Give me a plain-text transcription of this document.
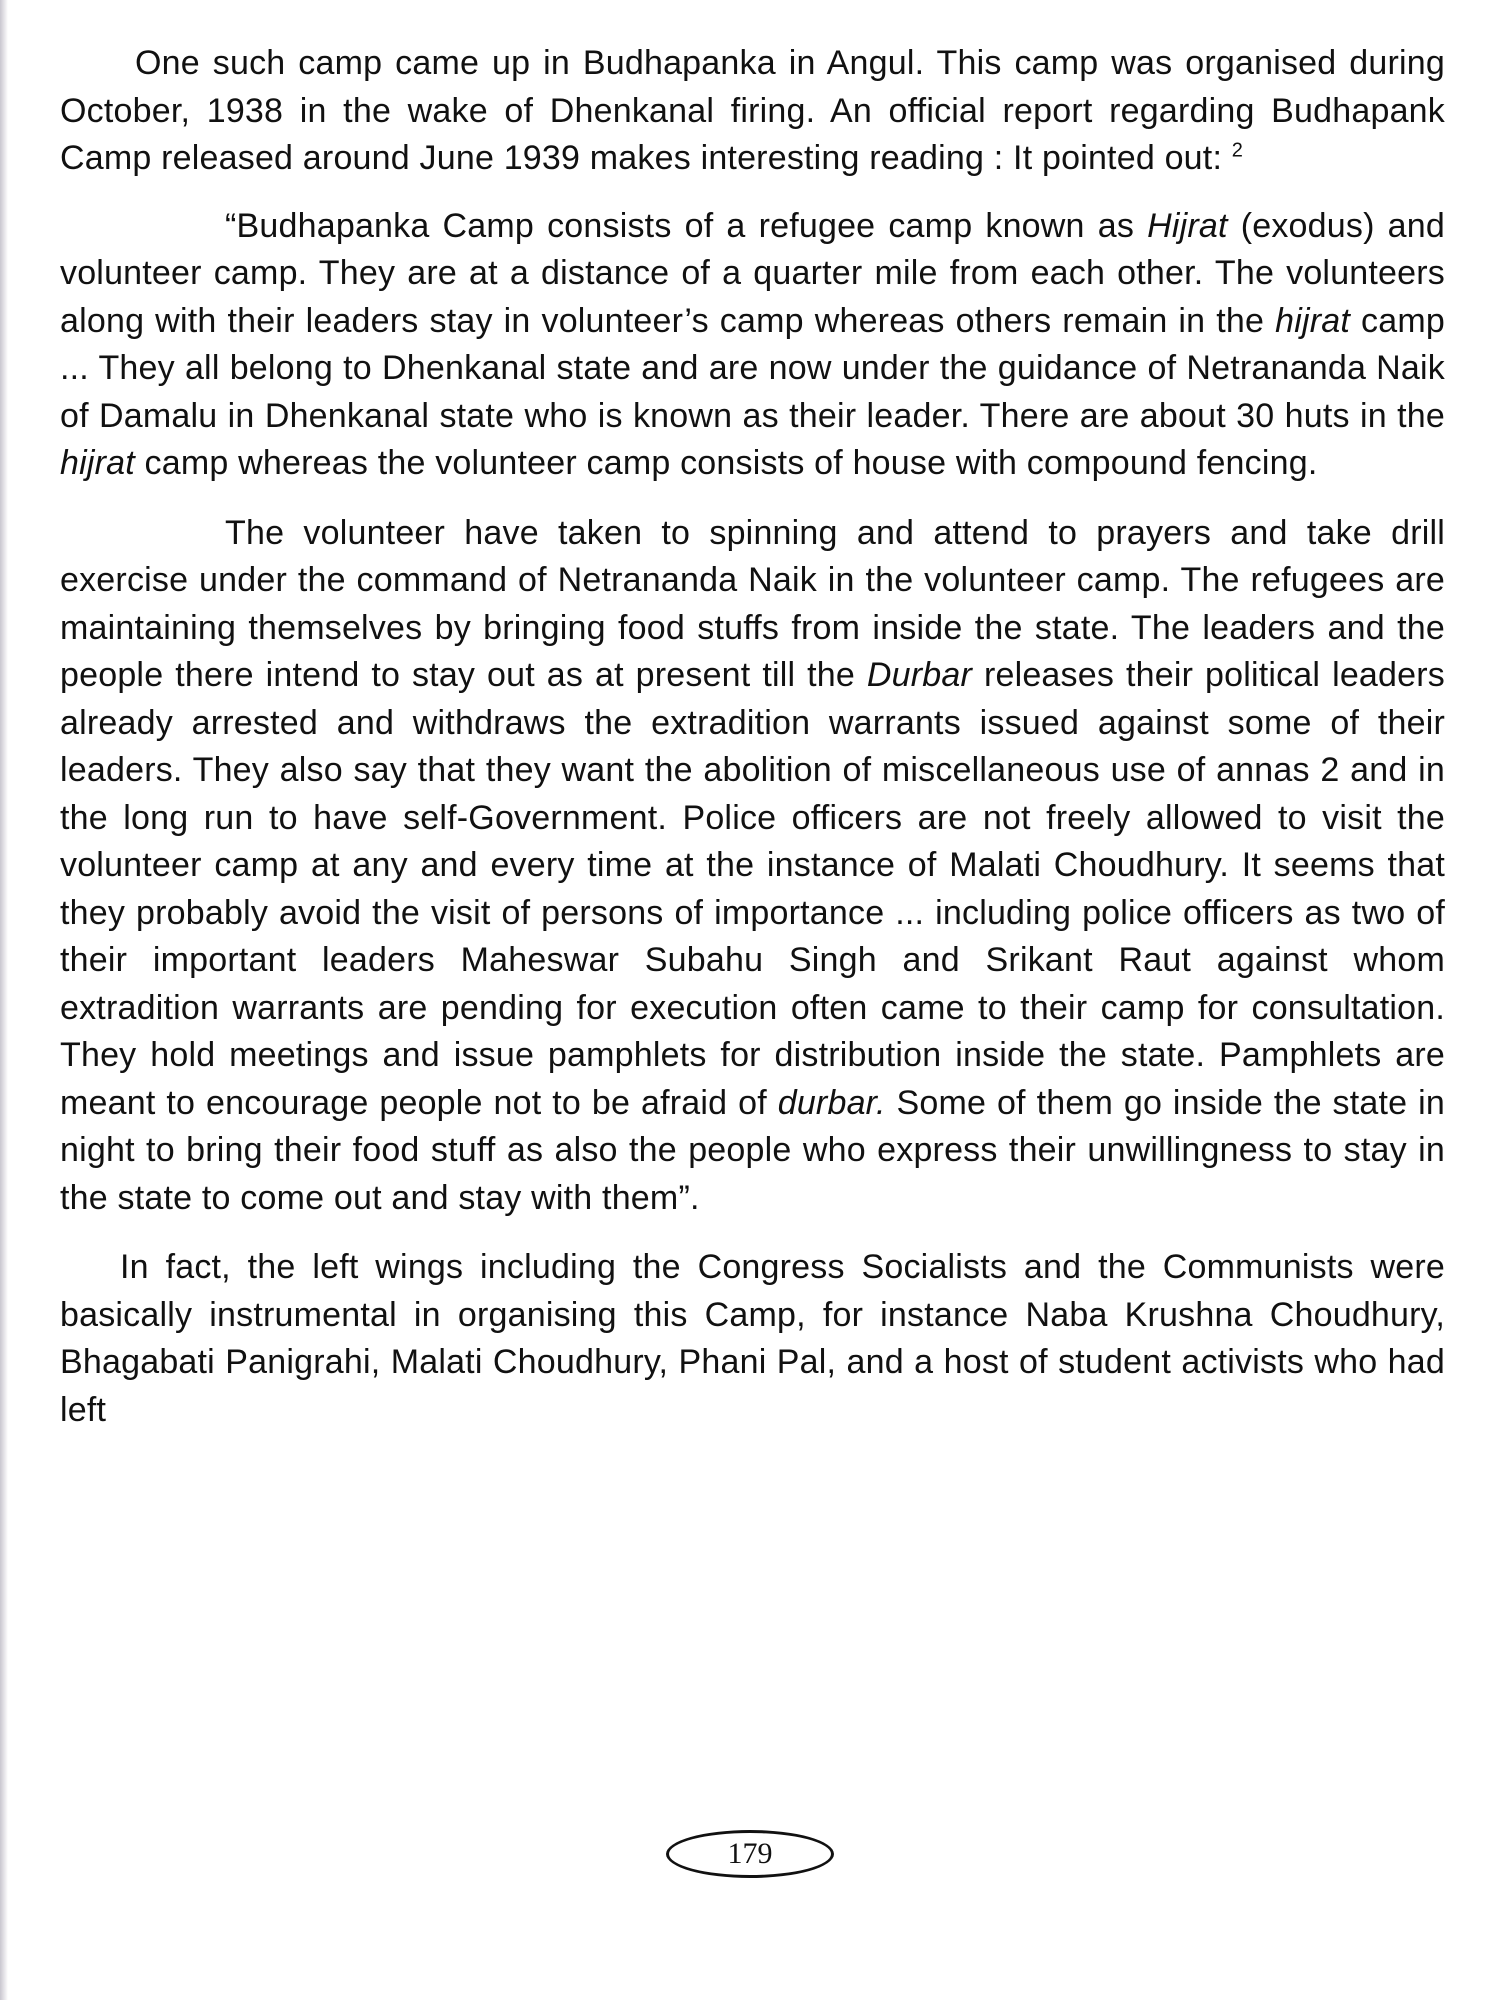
One such camp came up in Budhapanka in Angul. This camp was organised during October, 1938 in the wake of Dhenkanal firing. An official report regarding Budhapank Camp released around June 1939 makes interesting reading : It pointed out: $^2$

“Budhapanka Camp consists of a refugee camp known as Hijrat (exodus) and volunteer camp. They are at a distance of a quarter mile from each other. The volunteers along with their leaders stay in volunteer’s camp whereas others remain in the hijrat camp ... They all belong to Dhenkanal state and are now under the guidance of Netrananda Naik of Damalu in Dhenkanal state who is known as their leader. There are about 30 huts in the hijrat camp whereas the volunteer camp consists of house with compound fencing.

The volunteer have taken to spinning and attend to prayers and take drill exercise under the command of Netrananda Naik in the volunteer camp. The refugees are maintaining themselves by bringing food stuffs from inside the state. The leaders and the people there intend to stay out as at present till the Durbar releases their political leaders already arrested and withdraws the extradition warrants issued against some of their leaders. They also say that they want the abolition of miscellaneous use of annas 2 and in the long run to have self-Government. Police officers are not freely allowed to visit the volunteer camp at any and every time at the instance of Malati Choudhury. It seems that they probably avoid the visit of persons of importance ... including police officers as two of their important leaders Maheswar Subahu Singh and Srikant Raut against whom extradition warrants are pending for execution often came to their camp for consultation. They hold meetings and issue pamphlets for distribution inside the state. Pamphlets are meant to encourage people not to be afraid of durbar. Some of them go inside the state in night to bring their food stuff as also the people who express their unwillingness to stay in the state to come out and stay with them”.

In fact, the left wings including the Congress Socialists and the Communists were basically instrumental in organising this Camp, for instance Naba Krushna Choudhury, Bhagabati Panigrahi, Malati Choudhury, Phani Pal, and a host of student activists who had left

179
